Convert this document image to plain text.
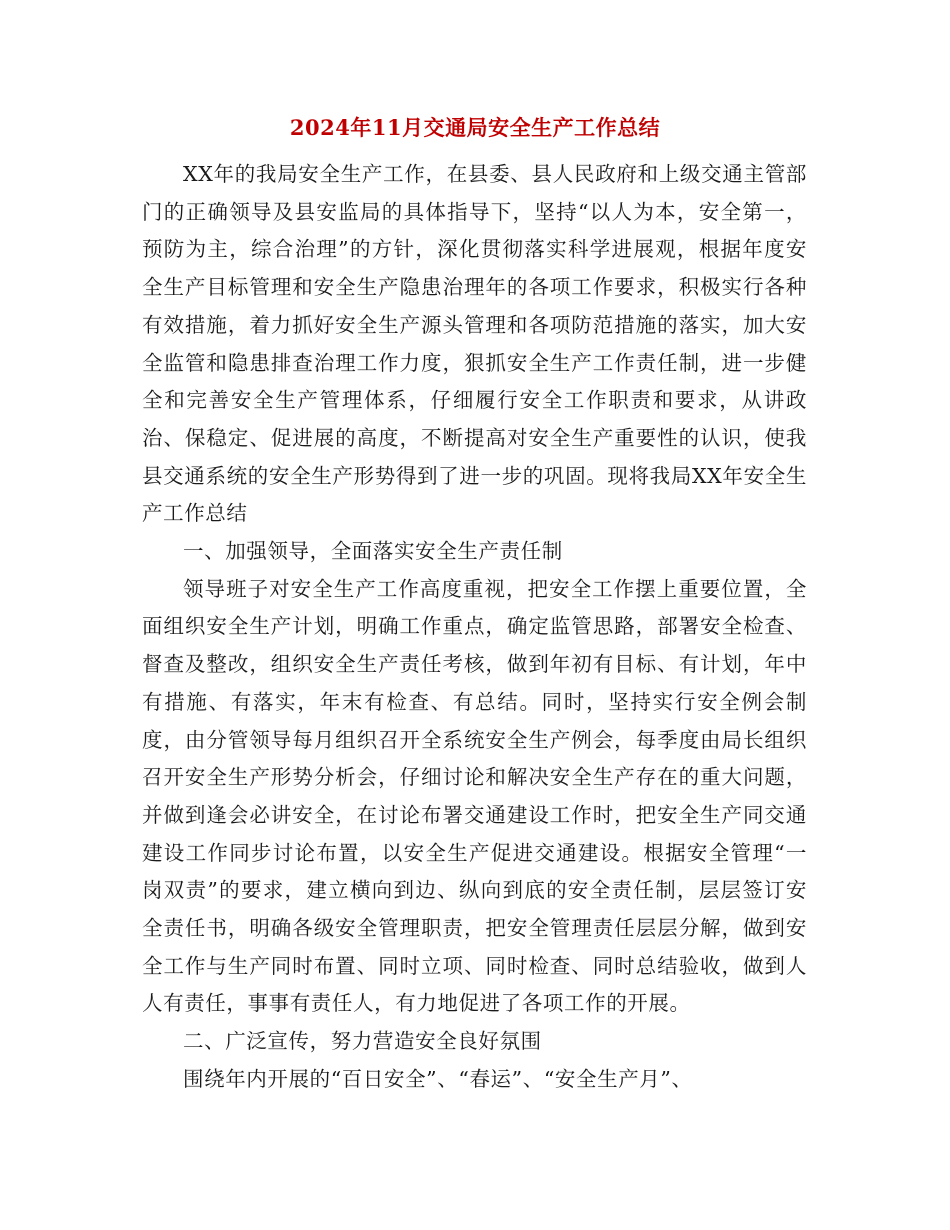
2024年11月交通局安全生产工作总结

XX年的我局安全生产工作，在县委、县人民政府和上级交通主管部门的正确领导及县安监局的具体指导下，坚持“以人为本，安全第一，预防为主，综合治理”的方针，深化贯彻落实科学进展观，根据年度安全生产目标管理和安全生产隐患治理年的各项工作要求，积极实行各种有效措施，着力抓好安全生产源头管理和各项防范措施的落实，加大安全监管和隐患排查治理工作力度，狠抓安全生产工作责任制，进一步健全和完善安全生产管理体系，仔细履行安全工作职责和要求，从讲政治、保稳定、促进展的高度，不断提高对安全生产重要性的认识，使我县交通系统的安全生产形势得到了进一步的巩固。现将我局XX年安全生产工作总结

一、加强领导，全面落实安全生产责任制

领导班子对安全生产工作高度重视，把安全工作摆上重要位置，全面组织安全生产计划，明确工作重点，确定监管思路，部署安全检查、督查及整改，组织安全生产责任考核，做到年初有目标、有计划，年中有措施、有落实，年末有检查、有总结。同时，坚持实行安全例会制度，由分管领导每月组织召开全系统安全生产例会，每季度由局长组织召开安全生产形势分析会，仔细讨论和解决安全生产存在的重大问题，并做到逢会必讲安全，在讨论布署交通建设工作时，把安全生产同交通建设工作同步讨论布置，以安全生产促进交通建设。根据安全管理“一岗双责”的要求，建立横向到边、纵向到底的安全责任制，层层签订安全责任书，明确各级安全管理职责，把安全管理责任层层分解，做到安全工作与生产同时布置、同时立项、同时检查、同时总结验收，做到人人有责任，事事有责任人，有力地促进了各项工作的开展。

二、广泛宣传，努力营造安全良好氛围

围绕年内开展的“百日安全”、“春运”、“安全生产月”、
